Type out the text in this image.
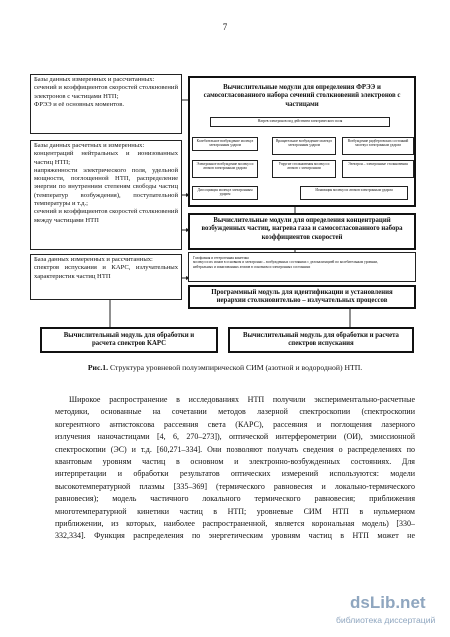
7
Базы данных измеренных и рассчитанных:
сечений и коэффициентов скоростей столкновений электронов с частицами НТП;
ФРЭЭ и её основных моментов.
Базы данных расчетных и измеренных:
концентраций нейтральных и ионизованных частиц НТП;
напряженности электрического поля, удельной мощности, поглощенной НТП, распределение энергии по внутренним степеням свободы частиц (температур возбуждения), поступательной температуры и т.д.;
сечений и коэффициентов скоростей столкновений между частицами НТП
База данных измеренных и рассчитанных:
спектров испускания и КАРС, излучательных характеристик частиц НТП
Вычислительные модули для определения ФРЭЭ и самосогласованного набора сечений столкновений электронов с частицами
Нагрев электронов под действием электрического поля
Колебательное возбуждение молекул электронным ударом
Вращательное возбуждение молекул электронным ударом
Возбуждение ридберговских состояний молекул электронным ударом
Электронное возбуждение молекул и атомов электронным ударом
Упругие столкновения молекул и атомов с электронами
Электрон – электронные столкновения
Диссоциация молекул электронным ударом
Ионизация молекул и атомов электронным ударом
Вычислительные модули для определения концентраций возбужденных частиц, нагрева газа и самосогласованного набора коэффициентов скоростей
Газофазная и гетерогенная кинетика
молекул и их ионов в основном и электронно – возбужденных состояниях с делокализацией по колебательным уровням,
нейтральных и ионизованных атомов в основном и электронных состояниях
Программный модуль для идентификации и установления иерархии столкновительно – излучательных процессов
Вычислительный модуль для обработки и расчета спектров КАРС
Вычислительный модуль для обработки и расчета спектров испускания
Рис.1. Структура уровневой полуэмпирической СИМ (азотной и водородной) НТП.
Широкое распространение в исследованиях НТП получили экспериментально-расчетные
методики, основанные на сочетании методов лазерной спектроскопии (спектроскопии
когерентного антистоксова рассеяния света (КАРС), рассеяния и поглощения лазерного
излучения наночастицами [4, 6, 270–273]), оптической интерферометрии (ОИ), эмиссионной
спектроскопии (ЭС) и т.д. [60,271–334]. Они позволяют получать сведения о распределениях по
квантовым уровням частиц в основном и электронно-возбужденных состояниях. Для
интерпретации и обработки результатов оптических измерений используются: модели
высокотемпературной плазмы [335–369] (термического равновесия и локально-термического
равновесия); модель частичного локального термического равновесия; приближения
многотемпературной кинетики частиц в НТП; уровневые СИМ НТП в нульмерном
приближении, из которых, наиболее распространенной, является корональная модель) [330–
332,334]. Функция распределения по энергетическим уровням частиц в НТП может не
dsLib.net
библиотека диссертаций
